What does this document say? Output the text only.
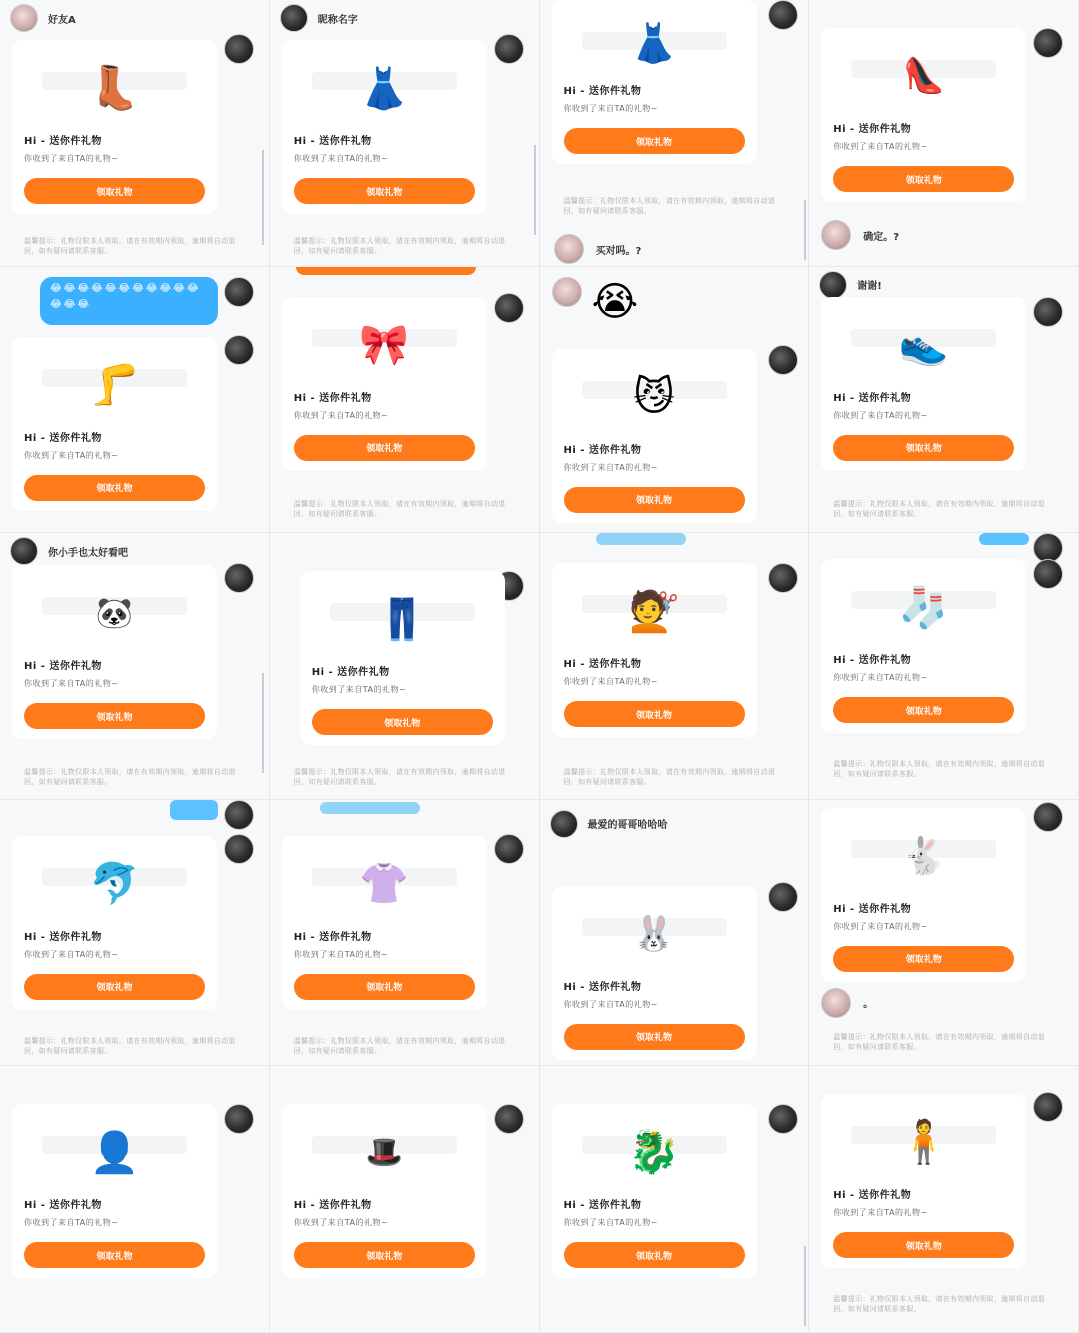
好友A
👢
Hi - 送你件礼物
你收到了来自TA的礼物~
领取礼物
温馨提示：礼物仅限本人领取，请在有效期内领取，逾期将自动退回，如有疑问请联系客服。
昵称名字
👗
Hi - 送你件礼物
你收到了来自TA的礼物~
领取礼物
温馨提示：礼物仅限本人领取，请在有效期内领取，逾期将自动退回，如有疑问请联系客服。
👗
Hi - 送你件礼物
你收到了来自TA的礼物~
领取礼物
温馨提示：礼物仅限本人领取，请在有效期内领取，逾期将自动退回，如有疑问请联系客服。
买对吗。?
👠
Hi - 送你件礼物
你收到了来自TA的礼物~
领取礼物
确定。?
😂😂😂😂😂😂😂😂😂😂😂😂😂😂
🦵
Hi - 送你件礼物
你收到了来自TA的礼物~
领取礼物
🎀
Hi - 送你件礼物
你收到了来自TA的礼物~
领取礼物
温馨提示：礼物仅限本人领取，请在有效期内领取，逾期将自动退回，如有疑问请联系客服。
😭
😼
Hi - 送你件礼物
你收到了来自TA的礼物~
领取礼物
谢谢!
👟
Hi - 送你件礼物
你收到了来自TA的礼物~
领取礼物
温馨提示：礼物仅限本人领取，请在有效期内领取，逾期将自动退回，如有疑问请联系客服。
你小手也太好看吧
🐼
Hi - 送你件礼物
你收到了来自TA的礼物~
领取礼物
温馨提示：礼物仅限本人领取，请在有效期内领取，逾期将自动退回，如有疑问请联系客服。
👖
Hi - 送你件礼物
你收到了来自TA的礼物~
领取礼物
温馨提示：礼物仅限本人领取，请在有效期内领取，逾期将自动退回，如有疑问请联系客服。
💇
Hi - 送你件礼物
你收到了来自TA的礼物~
领取礼物
温馨提示：礼物仅限本人领取，请在有效期内领取，逾期将自动退回，如有疑问请联系客服。
🧦
Hi - 送你件礼物
你收到了来自TA的礼物~
领取礼物
温馨提示：礼物仅限本人领取，请在有效期内领取，逾期将自动退回，如有疑问请联系客服。
🐬
Hi - 送你件礼物
你收到了来自TA的礼物~
领取礼物
温馨提示：礼物仅限本人领取，请在有效期内领取，逾期将自动退回，如有疑问请联系客服。
👚
Hi - 送你件礼物
你收到了来自TA的礼物~
领取礼物
温馨提示：礼物仅限本人领取，请在有效期内领取，逾期将自动退回，如有疑问请联系客服。
最爱的哥哥哈哈哈
🐰
Hi - 送你件礼物
你收到了来自TA的礼物~
领取礼物
🐇
Hi - 送你件礼物
你收到了来自TA的礼物~
领取礼物
。
温馨提示：礼物仅限本人领取，请在有效期内领取，逾期将自动退回，如有疑问请联系客服。
👤
Hi - 送你件礼物
你收到了来自TA的礼物~
领取礼物
🎩
Hi - 送你件礼物
你收到了来自TA的礼物~
领取礼物
🐉
Hi - 送你件礼物
你收到了来自TA的礼物~
领取礼物
🧍
Hi - 送你件礼物
你收到了来自TA的礼物~
领取礼物
温馨提示：礼物仅限本人领取，请在有效期内领取，逾期将自动退回，如有疑问请联系客服。
